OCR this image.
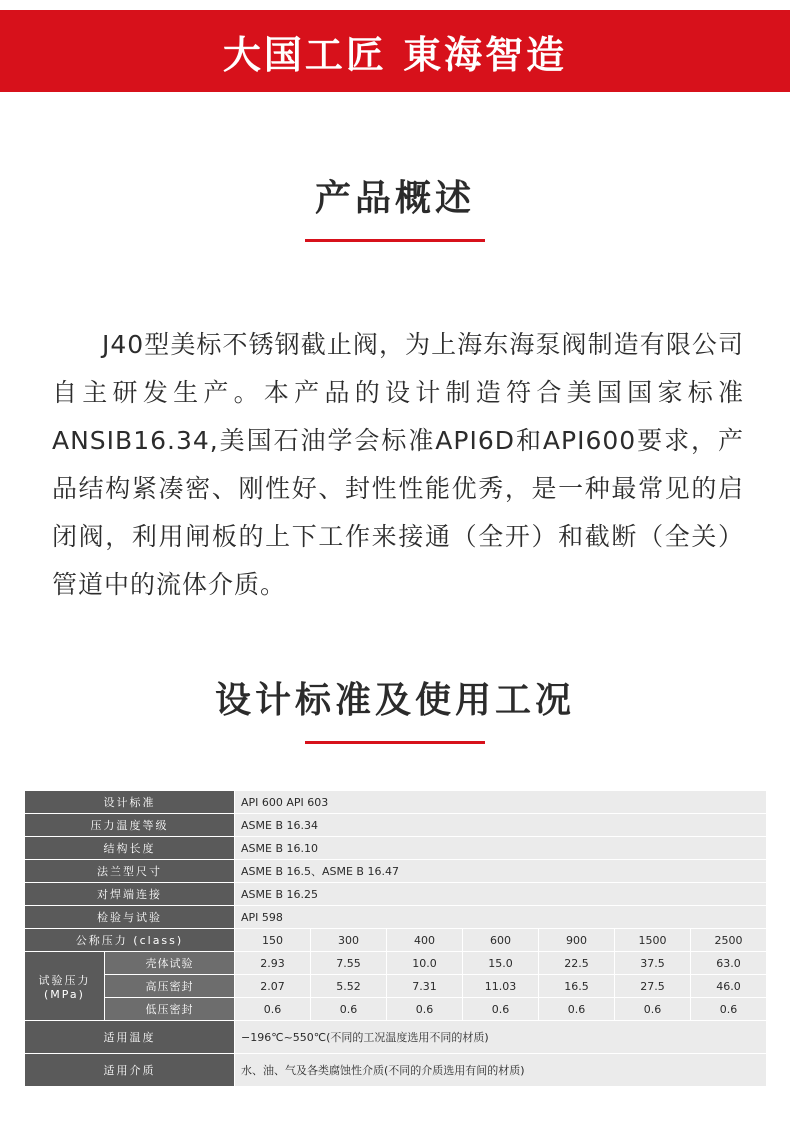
大国工匠 東海智造
产品概述

J40型美标不锈钢截止阀，为上海东海泵阀制造有限公司自主研发生产。本产品的设计制造符合美国国家标准ANSIB16.34,美国石油学会标准API6D和API600要求，产品结构紧凑密、刚性好、封性性能优秀，是一种最常见的启闭阀，利用闸板的上下工作来接通（全开）和截断（全关）管道中的流体介质。

设计标准及使用工况
设计标准		API 600 API 603						
压力温度等级		ASME B 16.34						
结构长度		ASME B 16.10						
法兰型尺寸		ASME B 16.5、ASME B 16.47						
对焊端连接		ASME B 16.25						
检验与试验		API 598						
公称压力 (class)		150	300	400	600	900	1500	2500
试验压力(MPa)	壳体试验	2.93	7.55	10.0	15.0	22.5	37.5	63.0
	高压密封	2.07	5.52	7.31	11.03	16.5	27.5	46.0
	低压密封	0.6	0.6	0.6	0.6	0.6	0.6	0.6
适用温度		−196℃~550℃(不同的工况温度选用不同的材质)						
适用介质		水、油、气及各类腐蚀性介质(不同的介质选用有间的材质)						
